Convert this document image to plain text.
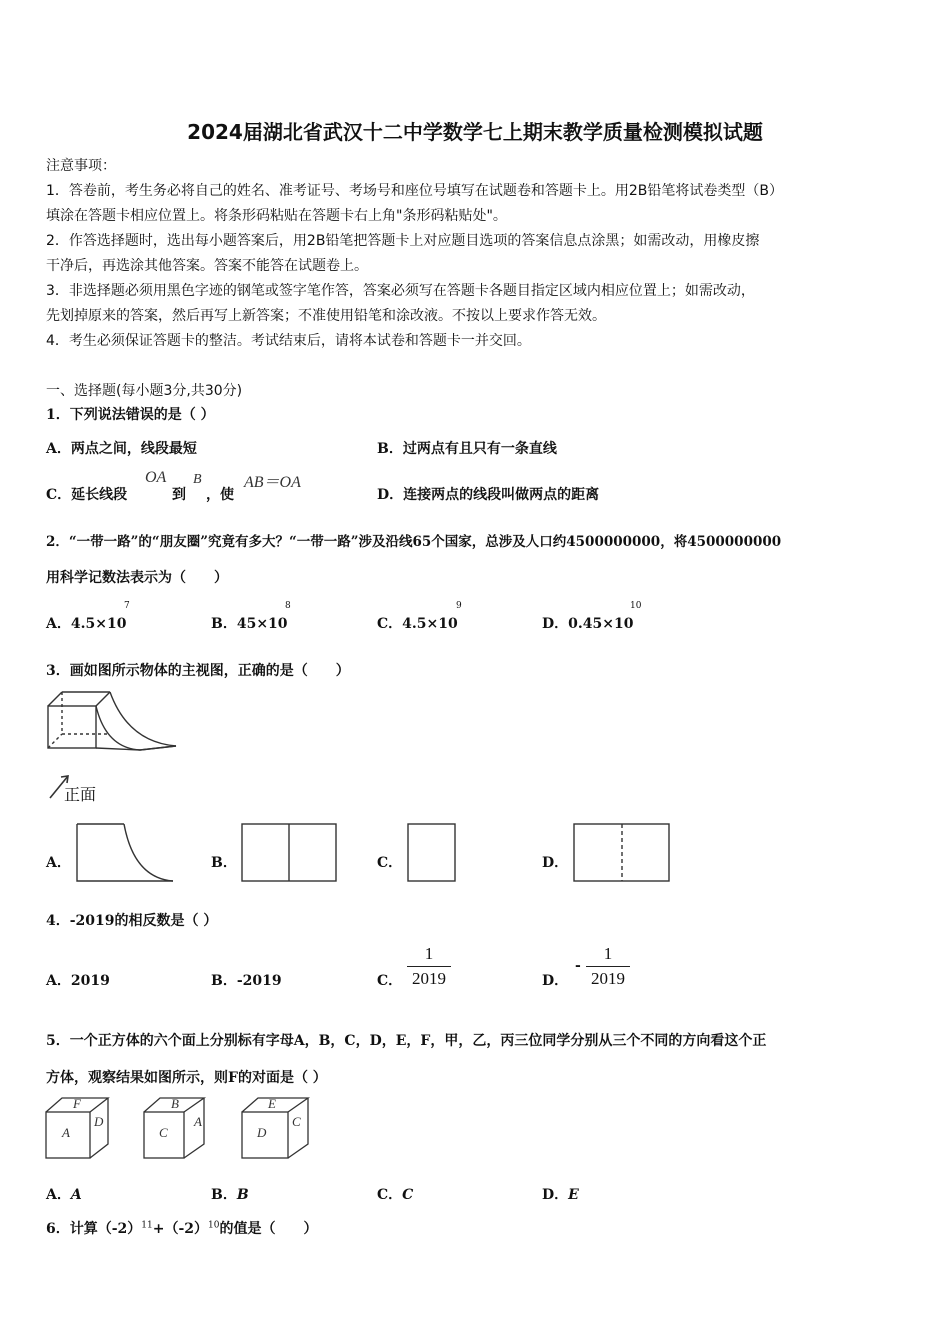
2024届湖北省武汉十二中学数学七上期末教学质量检测模拟试题
注意事项：
1．答卷前，考生务必将自己的姓名、准考证号、考场号和座位号填写在试题卷和答题卡上。用2B铅笔将试卷类型（B）
填涂在答题卡相应位置上。将条形码粘贴在答题卡右上角"条形码粘贴处"。
2．作答选择题时，选出每小题答案后，用2B铅笔把答题卡上对应题目选项的答案信息点涂黑；如需改动，用橡皮擦
干净后，再选涂其他答案。答案不能答在试题卷上。
3．非选择题必须用黑色字迹的钢笔或签字笔作答，答案必须写在答题卡各题目指定区域内相应位置上；如需改动，
先划掉原来的答案，然后再写上新答案；不准使用铅笔和涂改液。不按以上要求作答无效。
4．考生必须保证答题卡的整洁。考试结束后，请将本试卷和答题卡一并交回。
一、选择题(每小题3分,共30分)
1．下列说法错误的是（ ）
A．两点之间，线段最短	B．过两点有且只有一条直线
C．延长线段
OA
到
B
，使
AB＝OA
D．连接两点的线段叫做两点的距离
2．“一带一路”的“朋友圈”究竟有多大？“一带一路”涉及沿线65个国家，总涉及人口约4500000000，将4500000000
用科学记数法表示为（　　）
A．4.5×10
7
B．45×10
8
C．4.5×10
9
D．0.45×10
10
3．画如图所示物体的主视图，正确的是（　　）
正面
A．	B．	C．	D．
4．-2019的相反数是（ ）
A．2019	B．-2019	C．
1
2019	D．
-
1
2019
5．一个正方体的六个面上分别标有字母A，B，C，D，E，F，甲，乙，丙三位同学分别从三个不同的方向看这个正
方体，观察结果如图所示，则F的对面是（ ）
F
A
D
B
C
A
E
D
C
A．A	B．B	C．C	D．E
6．计算$(-2)^{11}+(-2)^{10}$的值是（　　）
